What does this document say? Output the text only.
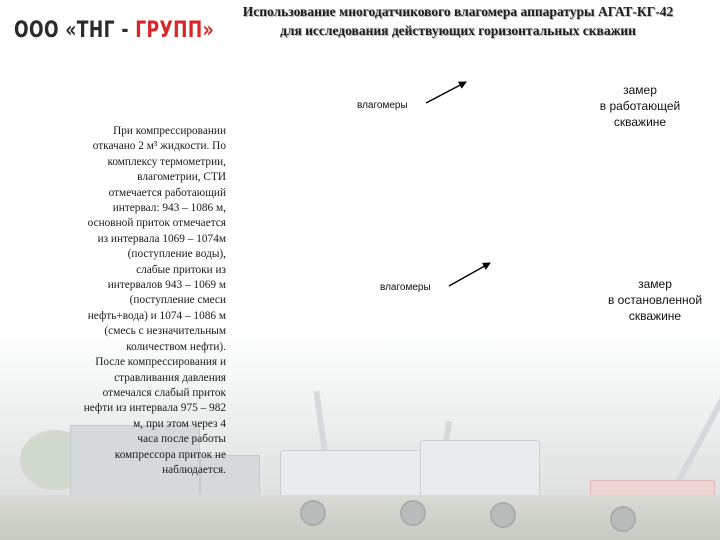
ООО «ТНГ - ГРУПП»
Использование многодатчикового влагомера аппаратуры АГАТ-КГ-42
для исследования действующих горизонтальных скважин
влагомеры
влагомеры
замер
в работающей
скважине
замер
в остановленной
скважине
При компрессировании
откачано 2 м³ жидкости. По
комплексу термометрии,
влагометрии, СТИ
отмечается работающий
интервал: 943 – 1086 м,
основной приток отмечается
из интервала 1069 – 1074м
(поступление воды),
слабые притоки из
интервалов 943 – 1069 м
(поступление смеси
нефть+вода) и 1074 – 1086 м
(смесь с незначительным
количеством нефти).
После компрессирования и
стравливания давления
отмечался слабый приток
нефти из интервала 975 – 982
м, при этом через 4
часа после работы
компрессора приток не
наблюдается.
